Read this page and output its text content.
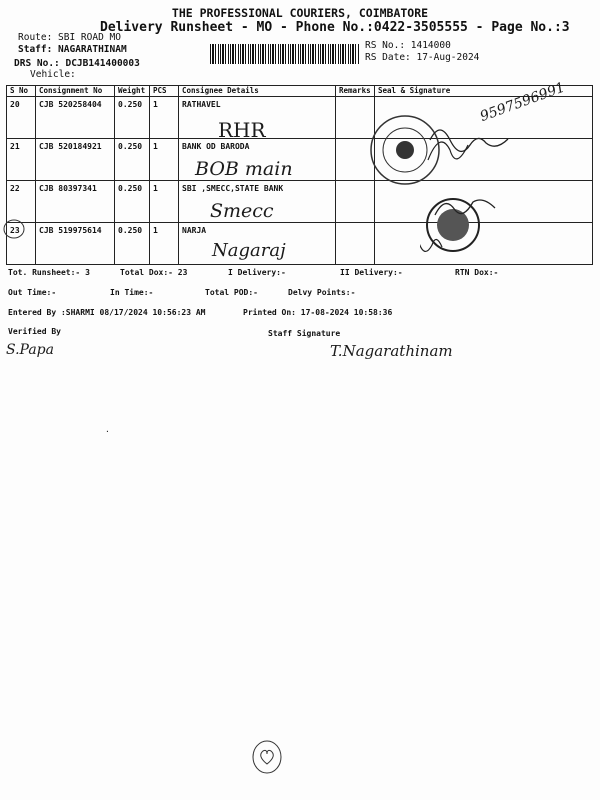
THE PROFESSIONAL COURIERS, COIMBATORE
Delivery Runsheet - MO - Phone No.:0422-3505555 - Page No.:3
Route: SBI ROAD MO
Staff: NAGARATHINAM
DRS No.: DCJB141400003
Vehicle:
RS No.: 1414000
RS Date: 17-Aug-2024
S No	Consignment No	Weight	PCS	Consignee Details	Remarks	Seal & Signature
20	CJB 520258404	0.250	1	RATHAVEL		
21	CJB 520184921	0.250	1	BANK OD BARODA		
22	CJB 80397341	0.250	1	SBI ,SMECC,STATE BANK		
23	CJB 519975614	0.250	1	NARJA		
RHR
BOB main
Smecc
Nagaraj
9597596991
Tot. Runsheet:- 3	Total Dox:- 23	I Delivery:-	II Delivery:-	RTN Dox:-
Out Time:-	In Time:-	Total POD:-	Delvy Points:-
Entered By :SHARMI 08/17/2024 10:56:23 AM	Printed On: 17-08-2024 10:58:36
Verified By
S.Papa
Staff Signature
T.Nagarathinam
·
